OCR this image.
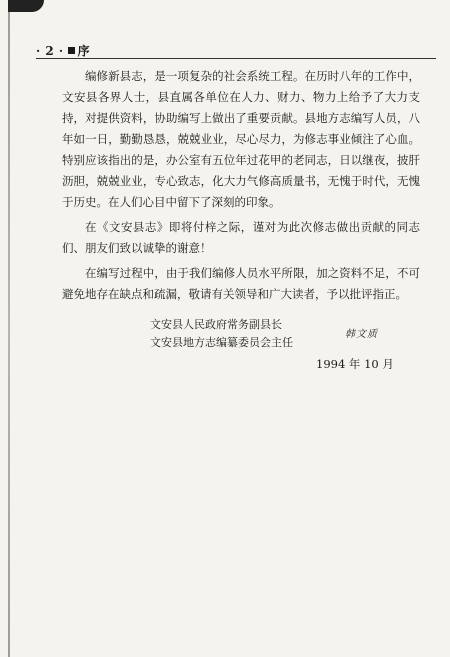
· 2 · 序

编修新县志，是一项复杂的社会系统工程。在历时八年的工作中，文安县各界人士，县直属各单位在人力、财力、物力上给予了大力支持，对提供资料，协助编写上做出了重要贡献。县地方志编写人员，八年如一日，勤勤恳恳，兢兢业业，尽心尽力，为修志事业倾注了心血。特别应该指出的是，办公室有五位年过花甲的老同志，日以继夜，披肝沥胆，兢兢业业，专心致志，化大力气修高质量书，无愧于时代，无愧于历史。在人们心目中留下了深刻的印象。

在《文安县志》即将付梓之际，谨对为此次修志做出贡献的同志们、朋友们致以诚挚的谢意！

在编写过程中，由于我们编修人员水平所限，加之资料不足，不可避免地存在缺点和疏漏，敬请有关领导和广大读者，予以批评指正。

文安县人民政府常务副县长
文安县地方志编纂委员会主任
韩文质
1994 年 10 月
